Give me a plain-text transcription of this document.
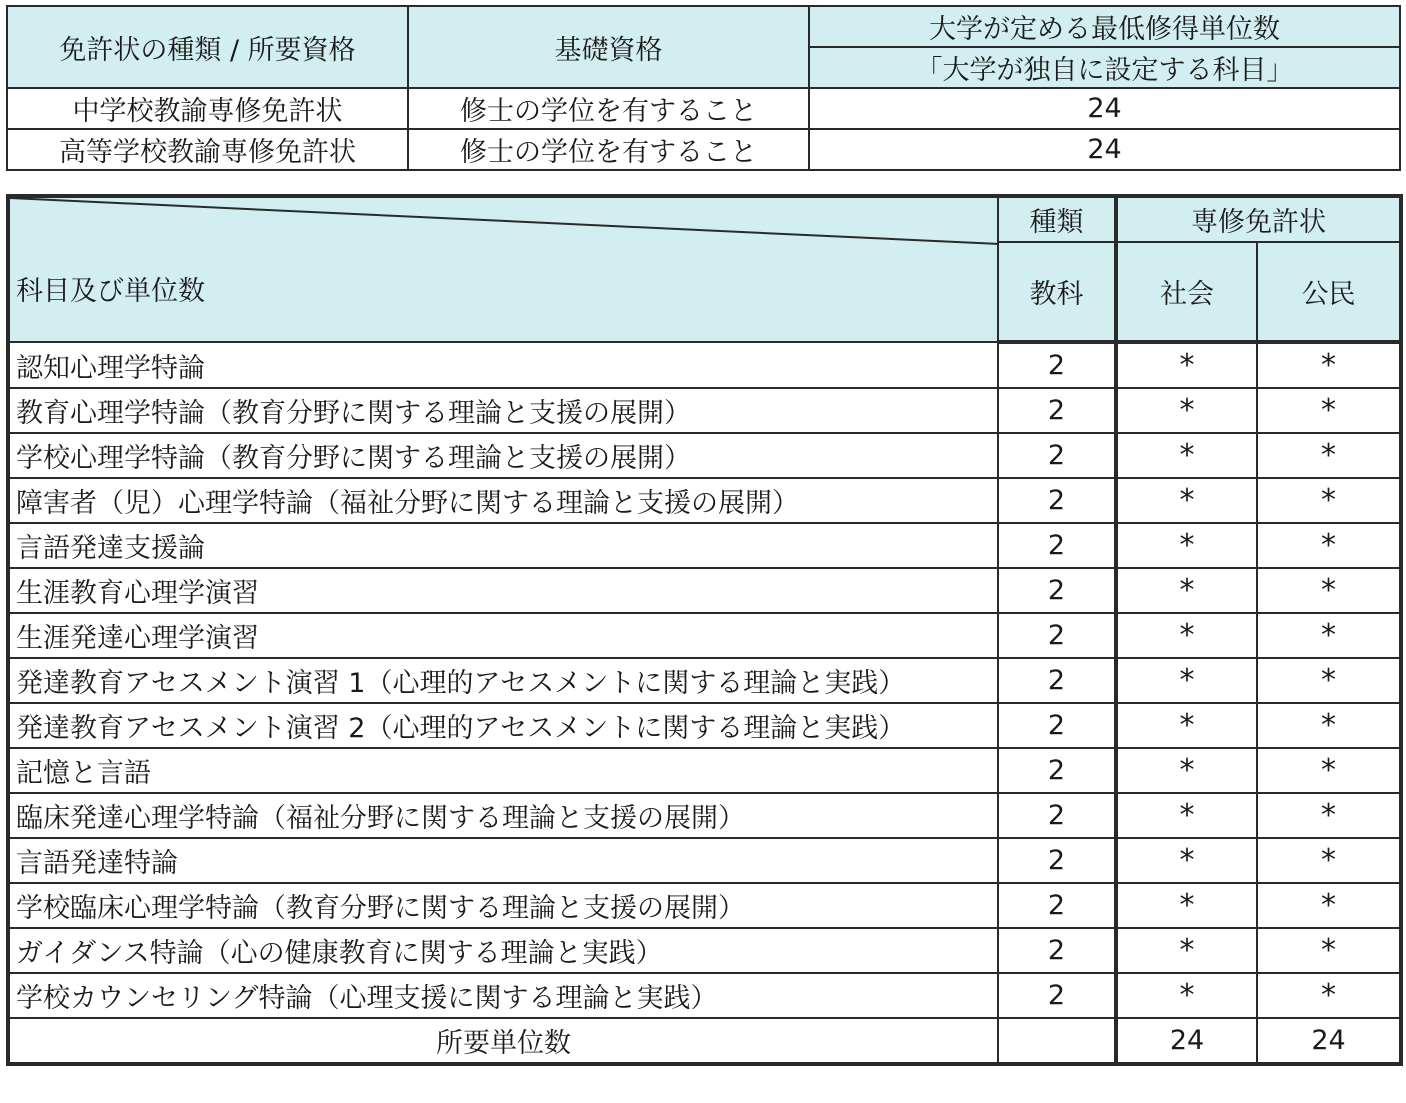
免許状の種類 / 所要資格	基礎資格	大学が定める最低修得単位数
		「大学が独自に設定する科目」
中学校教諭専修免許状	修士の学位を有すること	24
高等学校教諭専修免許状	修士の学位を有すること	24
科目及び単位数	種類	専修免許状	
	教科	社会	公民
認知心理学特論	2	*	*
教育心理学特論（教育分野に関する理論と支援の展開）	2	*	*
学校心理学特論（教育分野に関する理論と支援の展開）	2	*	*
障害者（児）心理学特論（福祉分野に関する理論と支援の展開）	2	*	*
言語発達支援論	2	*	*
生涯教育心理学演習	2	*	*
生涯発達心理学演習	2	*	*
発達教育アセスメント演習 1（心理的アセスメントに関する理論と実践）	2	*	*
発達教育アセスメント演習 2（心理的アセスメントに関する理論と実践）	2	*	*
記憶と言語	2	*	*
臨床発達心理学特論（福祉分野に関する理論と支援の展開）	2	*	*
言語発達特論	2	*	*
学校臨床心理学特論（教育分野に関する理論と支援の展開）	2	*	*
ガイダンス特論（心の健康教育に関する理論と実践）	2	*	*
学校カウンセリング特論（心理支援に関する理論と実践）	2	*	*
所要単位数		24	24
